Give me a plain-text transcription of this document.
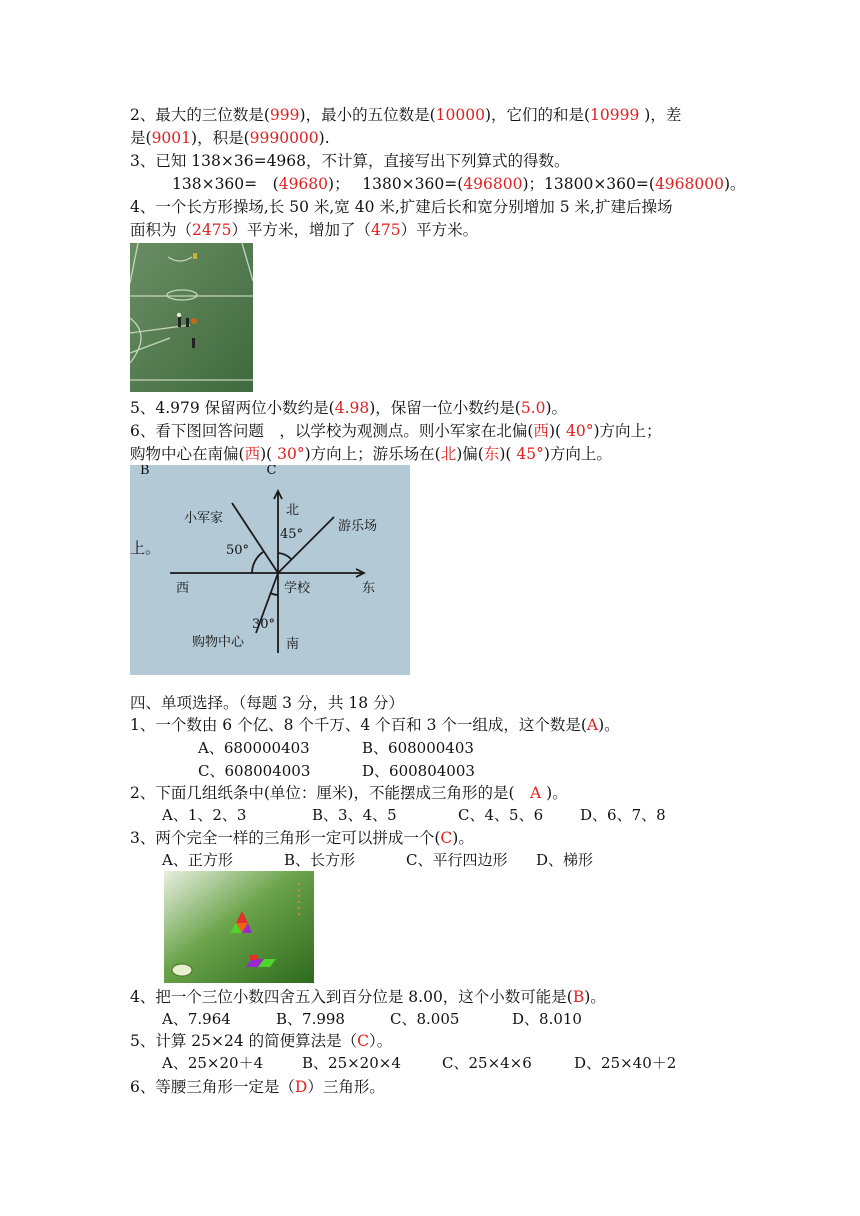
2、最大的三位数是(999)，最小的五位数是(10000)，它们的和是(10999 )，差
是(9001)，积是(9990000).
3、已知 138×36=4968，不计算，直接写出下列算式的得数。
138×360=　(49680)；　 1380×360=(496800)；13800×360=(4968000)。
4、一个长方形操场,长 50 米,宽 40 米,扩建后长和宽分别增加 5 米,扩建后操场
面积为（2475）平方米，增加了（475）平方米。
5、4.979 保留两位小数约是(4.98)，保留一位小数约是(5.0)。
6、看下图回答问题　，以学校为观测点。则小军家在北偏(西)( 40°)方向上；
购物中心在南偏(西)( 30°)方向上；游乐场在(北)偏(东)( 45°)方向上。
B　　　　　　　　　C
上。
北
南
西	东
学校
小军家
游乐场
购物中心
50°
45°
30°
四、单项选择。（每题 3 分，共 18 分）
1、一个数由 6 个亿、8 个千万、4 个百和 3 个一组成，这个数是(A)。
A、680000403	B、608000403
C、608004003	D、600804003
2、下面几组纸条中(单位：厘米)，不能摆成三角形的是(　A )。
A、1、2、3	B、3、4、5	C、4、5、6 D、6、7、8
3、两个完全一样的三角形一定可以拼成一个(C)。
A、正方形	B、长方形	C、平行四边形 D、梯形
4、把一个三位小数四舍五入到百分位是 8.00，这个小数可能是(B)。
A、7.964	B、7.998	C、8.005	D、8.010
5、计算 25×24 的简便算法是（C）。
A、25×20＋4	B、25×20×4	C、25×4×6	D、25×40＋2
6、等腰三角形一定是（D）三角形。
